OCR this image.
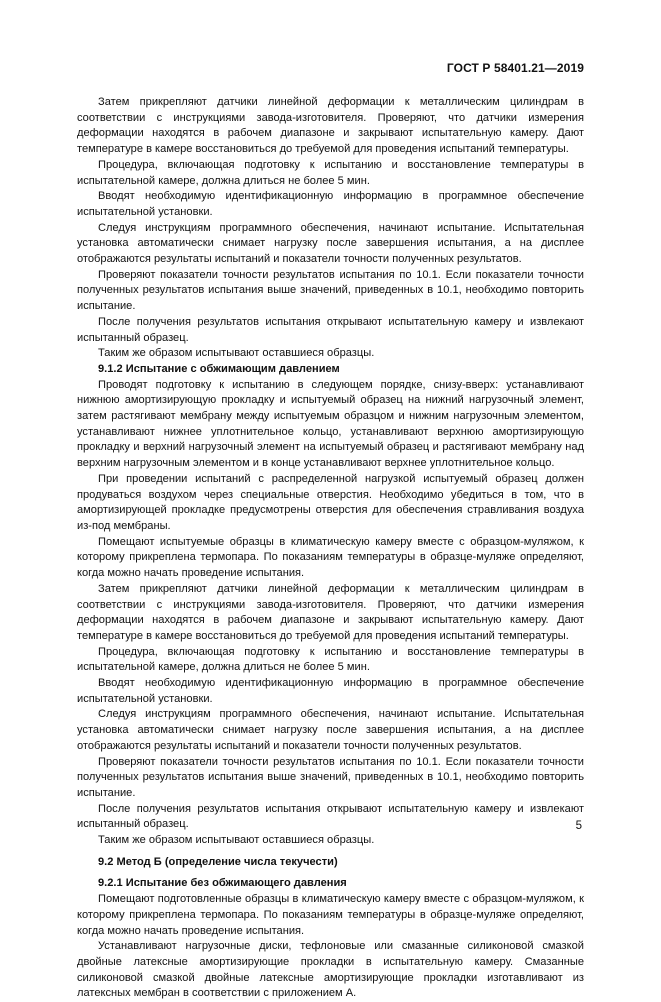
ГОСТ Р 58401.21—2019

Затем прикрепляют датчики линейной деформации к металлическим цилиндрам в соответствии с инструкциями завода-изготовителя. Проверяют, что датчики измерения деформации находятся в рабочем диапазоне и закрывают испытательную камеру. Дают температуре в камере восстановиться до требуемой для проведения испытаний температуры.

Процедура, включающая подготовку к испытанию и восстановление температуры в испытательной камере, должна длиться не более 5 мин.

Вводят необходимую идентификационную информацию в программное обеспечение испытательной установки.

Следуя инструкциям программного обеспечения, начинают испытание. Испытательная установка автоматически снимает нагрузку после завершения испытания, а на дисплее отображаются результаты испытаний и показатели точности полученных результатов.

Проверяют показатели точности результатов испытания по 10.1. Если показатели точности полученных результатов испытания выше значений, приведенных в 10.1, необходимо повторить испытание.

После получения результатов испытания открывают испытательную камеру и извлекают испытанный образец.

Таким же образом испытывают оставшиеся образцы.

9.1.2 Испытание с обжимающим давлением

Проводят подготовку к испытанию в следующем порядке, снизу-вверх: устанавливают нижнюю амортизирующую прокладку и испытуемый образец на нижний нагрузочный элемент, затем растягивают мембрану между испытуемым образцом и нижним нагрузочным элементом, устанавливают нижнее уплотнительное кольцо, устанавливают верхнюю амортизирующую прокладку и верхний нагрузочный элемент на испытуемый образец и растягивают мембрану над верхним нагрузочным элементом и в конце устанавливают верхнее уплотнительное кольцо.

При проведении испытаний с распределенной нагрузкой испытуемый образец должен продуваться воздухом через специальные отверстия. Необходимо убедиться в том, что в амортизирующей прокладке предусмотрены отверстия для обеспечения стравливания воздуха из-под мембраны.

Помещают испытуемые образцы в климатическую камеру вместе с образцом-муляжом, к которому прикреплена термопара. По показаниям температуры в образце-муляже определяют, когда можно начать проведение испытания.

Затем прикрепляют датчики линейной деформации к металлическим цилиндрам в соответствии с инструкциями завода-изготовителя. Проверяют, что датчики измерения деформации находятся в рабочем диапазоне и закрывают испытательную камеру. Дают температуре в камере восстановиться до требуемой для проведения испытаний температуры.

Процедура, включающая подготовку к испытанию и восстановление температуры в испытательной камере, должна длиться не более 5 мин.

Вводят необходимую идентификационную информацию в программное обеспечение испытательной установки.

Следуя инструкциям программного обеспечения, начинают испытание. Испытательная установка автоматически снимает нагрузку после завершения испытания, а на дисплее отображаются результаты испытаний и показатели точности полученных результатов.

Проверяют показатели точности результатов испытания по 10.1. Если показатели точности полученных результатов испытания выше значений, приведенных в 10.1, необходимо повторить испытание.

После получения результатов испытания открывают испытательную камеру и извлекают испытанный образец.

Таким же образом испытывают оставшиеся образцы.

9.2 Метод Б (определение числа текучести)
9.2.1 Испытание без обжимающего давления

Помещают подготовленные образцы в климатическую камеру вместе с образцом-муляжом, к которому прикреплена термопара. По показаниям температуры в образце-муляже определяют, когда можно начать проведение испытания.

Устанавливают нагрузочные диски, тефлоновые или смазанные силиконовой смазкой двойные латексные амортизирующие прокладки в испытательную камеру. Смазанные силиконовой смазкой двойные латексные амортизирующие прокладки изготавливают из латексных мембран в соответствии с приложением А.

5
